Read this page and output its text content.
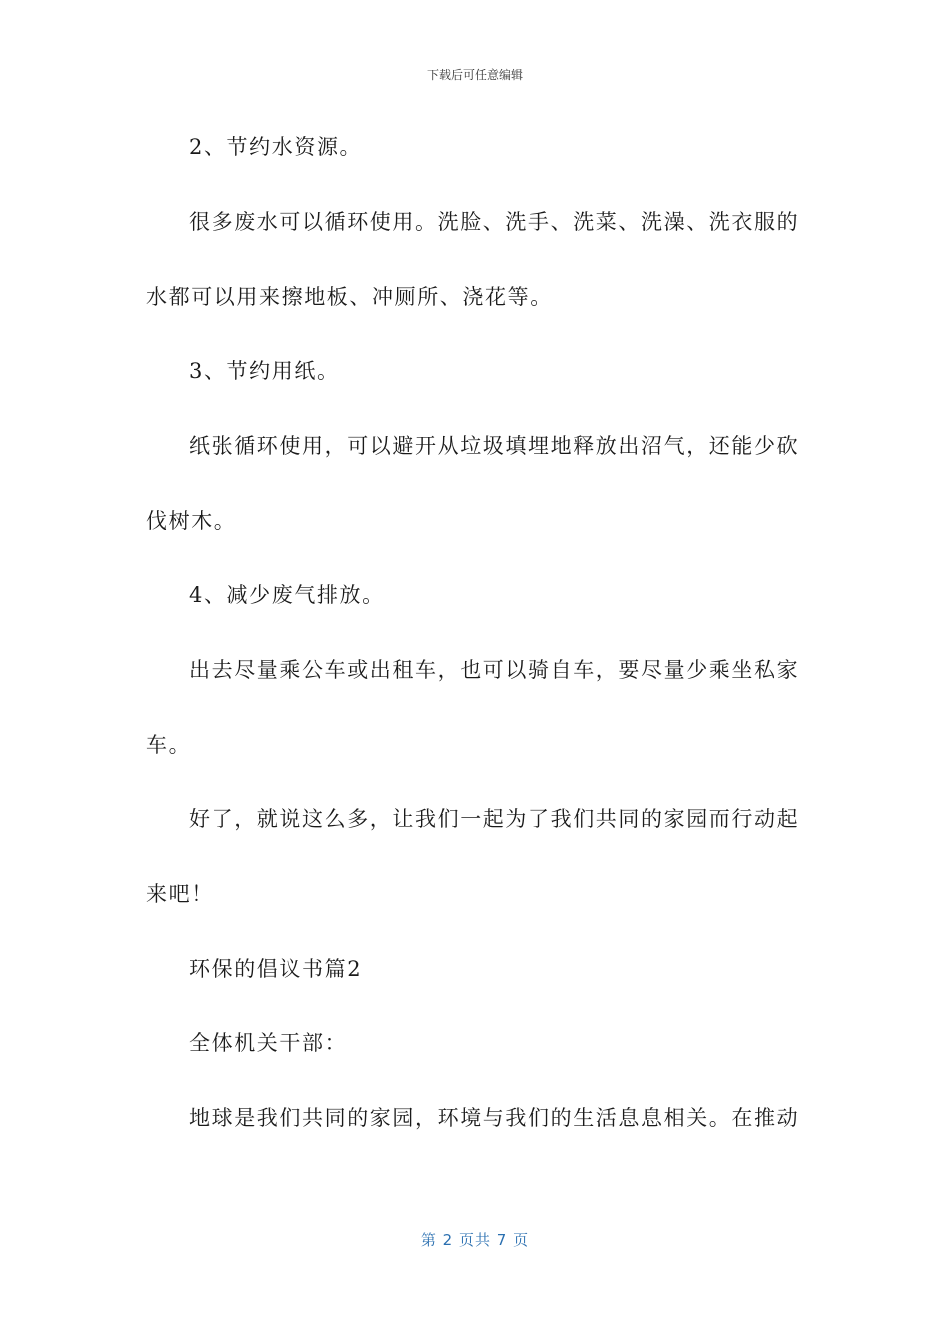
下载后可任意编辑
2、节约水资源。
很多废水可以循环使用。洗脸、洗手、洗菜、洗澡、洗衣服的
水都可以用来擦地板、冲厕所、浇花等。
3、节约用纸。
纸张循环使用，可以避开从垃圾填埋地释放出沼气，还能少砍
伐树木。
4、减少废气排放。
出去尽量乘公车或出租车，也可以骑自车，要尽量少乘坐私家
车。
好了，就说这么多，让我们一起为了我们共同的家园而行动起
来吧！
环保的倡议书篇2
全体机关干部：
地球是我们共同的家园，环境与我们的生活息息相关。在推动
第 2 页共 7 页
